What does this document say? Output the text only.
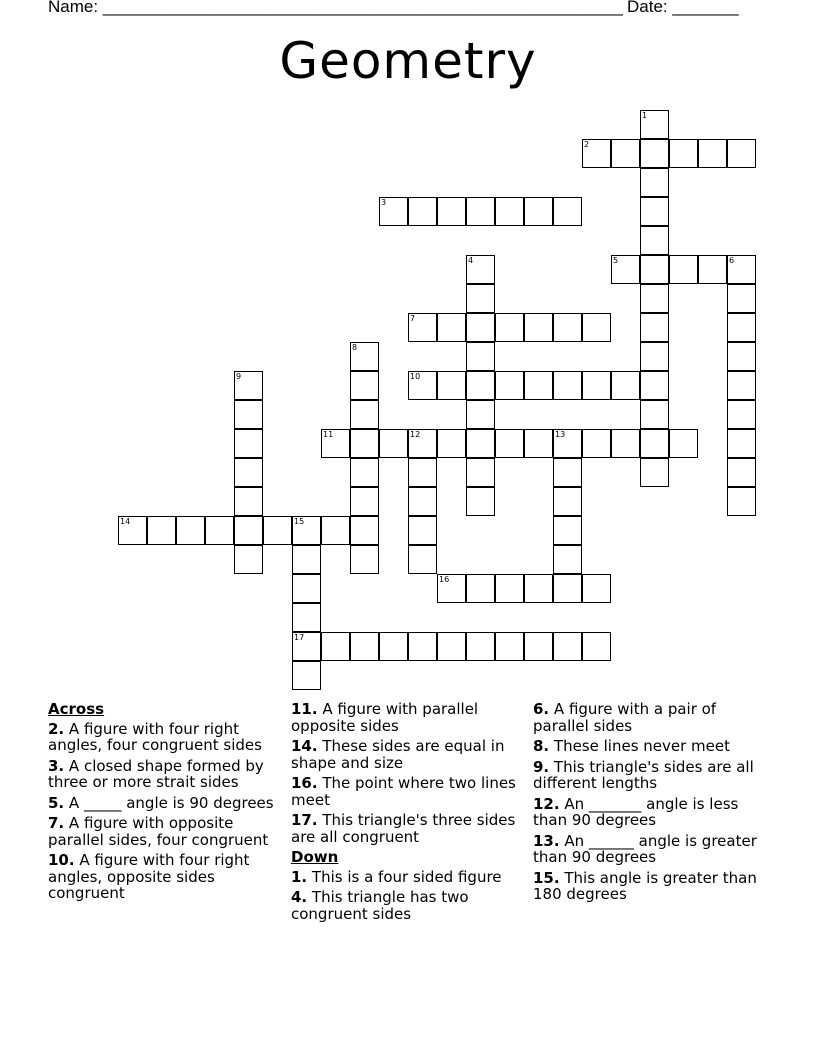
Name: _______________________________________________________ Date: _______
Geometry
1
2
3
4	5	6
7
8
9	10
11	12	13
14	15
17
16
Across
2. A figure with four right angles, four congruent sides
3. A closed shape formed by three or more strait sides
5. A _____ angle is 90 degrees
7. A figure with opposite parallel sides, four congruent
10. A figure with four right angles, opposite sides congruent
11. A figure with parallel opposite sides
14. These sides are equal in shape and size
16. The point where two lines meet
17. This triangle's three sides are all congruent
Down
1. This is a four sided figure
4. This triangle has two congruent sides
6. A figure with a pair of parallel sides
8. These lines never meet
9. This triangle's sides are all different lengths
12. An _______ angle is less than 90 degrees
13. An ______ angle is greater than 90 degrees
15. This angle is greater than 180 degrees
